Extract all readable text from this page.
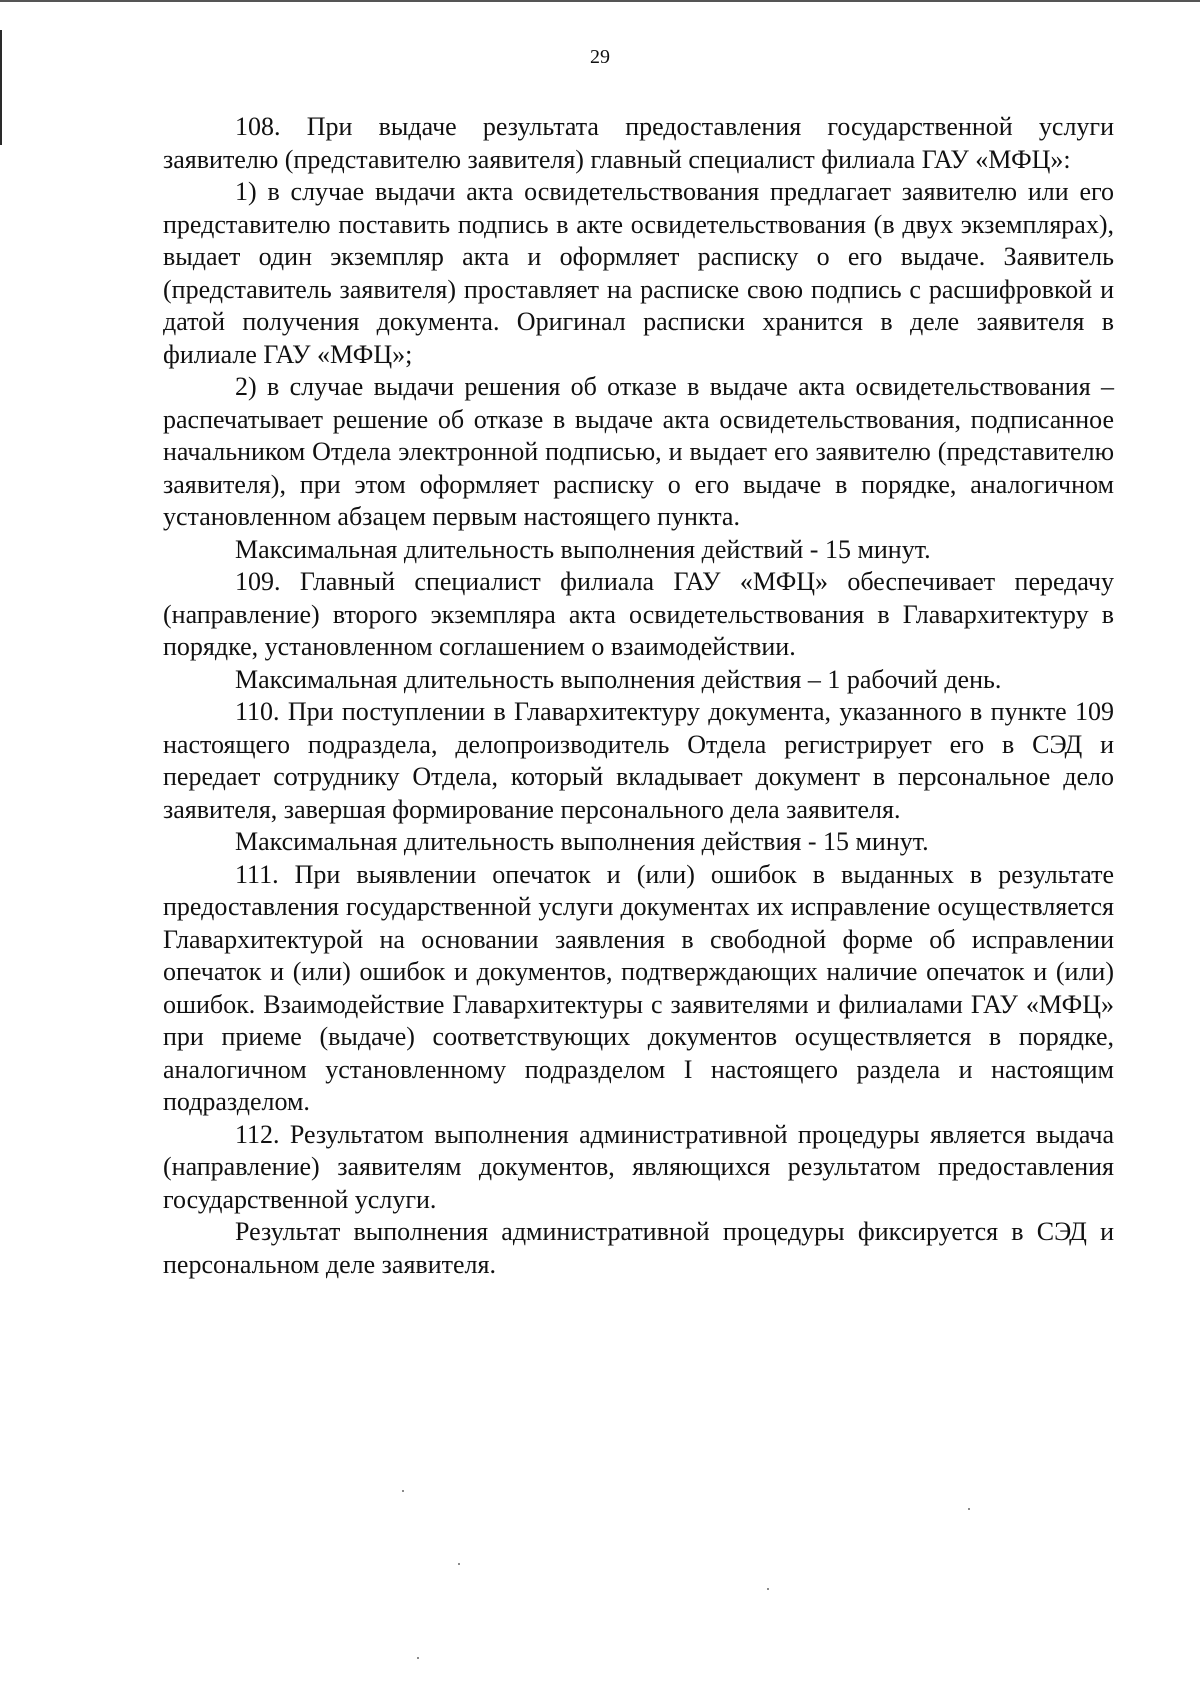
29

108. При выдаче результата предоставления государственной услуги заявителю (представителю заявителя) главный специалист филиала ГАУ «МФЦ»:

1) в случае выдачи акта освидетельствования предлагает заявителю или его представителю поставить подпись в акте освидетельствования (в двух экземплярах), выдает один экземпляр акта и оформляет расписку о его выдаче. Заявитель (представитель заявителя) проставляет на расписке свою подпись с расшифровкой и датой получения документа. Оригинал расписки хранится в деле заявителя в филиале ГАУ «МФЦ»;

2) в случае выдачи решения об отказе в выдаче акта освидетельствования – распечатывает решение об отказе в выдаче акта освидетельствования, подписанное начальником Отдела электронной подписью, и выдает его заявителю (представителю заявителя), при этом оформляет расписку о его выдаче в порядке, аналогичном установленном абзацем первым настоящего пункта.

Максимальная длительность выполнения действий - 15 минут.

109. Главный специалист филиала ГАУ «МФЦ» обеспечивает передачу (направление) второго экземпляра акта освидетельствования в Главархитектуру в порядке, установленном соглашением о взаимодействии.

Максимальная длительность выполнения действия – 1 рабочий день.

110. При поступлении в Главархитектуру документа, указанного в пункте 109 настоящего подраздела, делопроизводитель Отдела регистрирует его в СЭД и передает сотруднику Отдела, который вкладывает документ в персональное дело заявителя, завершая формирование персонального дела заявителя.

Максимальная длительность выполнения действия - 15 минут.

111. При выявлении опечаток и (или) ошибок в выданных в результате предоставления государственной услуги документах их исправление осуществляется Главархитектурой на основании заявления в свободной форме об исправлении опечаток и (или) ошибок и документов, подтверждающих наличие опечаток и (или) ошибок. Взаимодействие Главархитектуры с заявителями и филиалами ГАУ «МФЦ» при приеме (выдаче) соответствующих документов осуществляется в порядке, аналогичном установленному подразделом I настоящего раздела и настоящим подразделом.

112. Результатом выполнения административной процедуры является выдача (направление) заявителям документов, являющихся результатом предоставления государственной услуги.

Результат выполнения административной процедуры фиксируется в СЭД и персональном деле заявителя.
